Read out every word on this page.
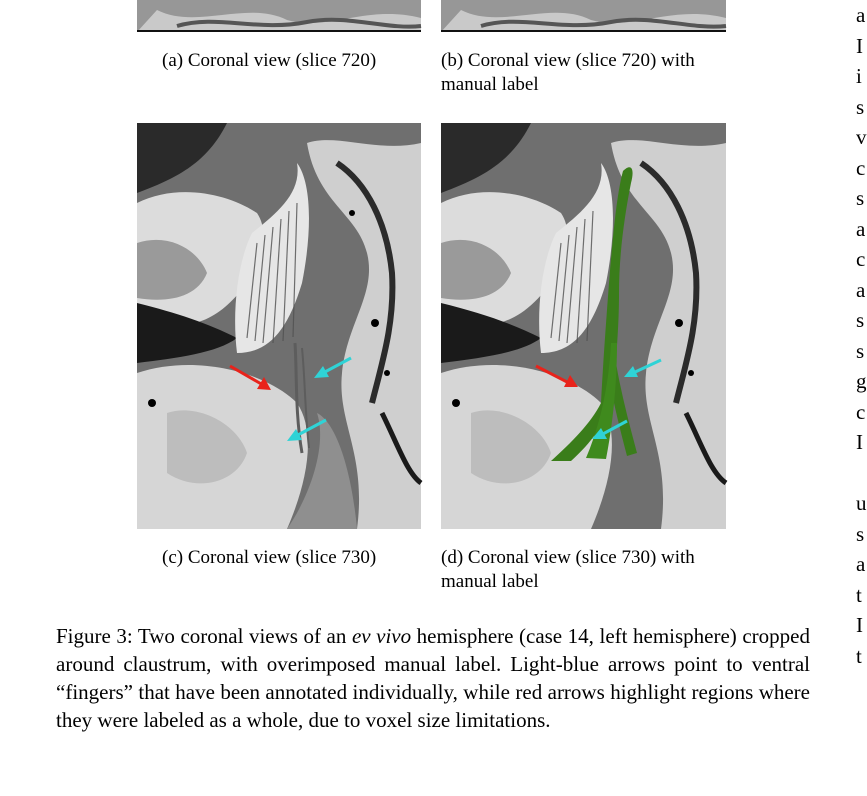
(a) Coronal view (slice 720)	(b) Coronal view (slice 720) with
manual label
(c) Coronal view (slice 730)	(d) Coronal view (slice 730) with
manual label
Figure 3: Two coronal views of an ev vivo hemisphere (case 14, left hemisphere) cropped around claustrum, with overimposed manual label. Light-blue arrows point to ventral “fingers” that have been annotated individually, while red arrows highlight regions where they were labeled as a whole, due to voxel size limitations.
a
I
i
s
v
c
s
a
c
a
s
s
g
c
I
u
s
a
t
I
t
